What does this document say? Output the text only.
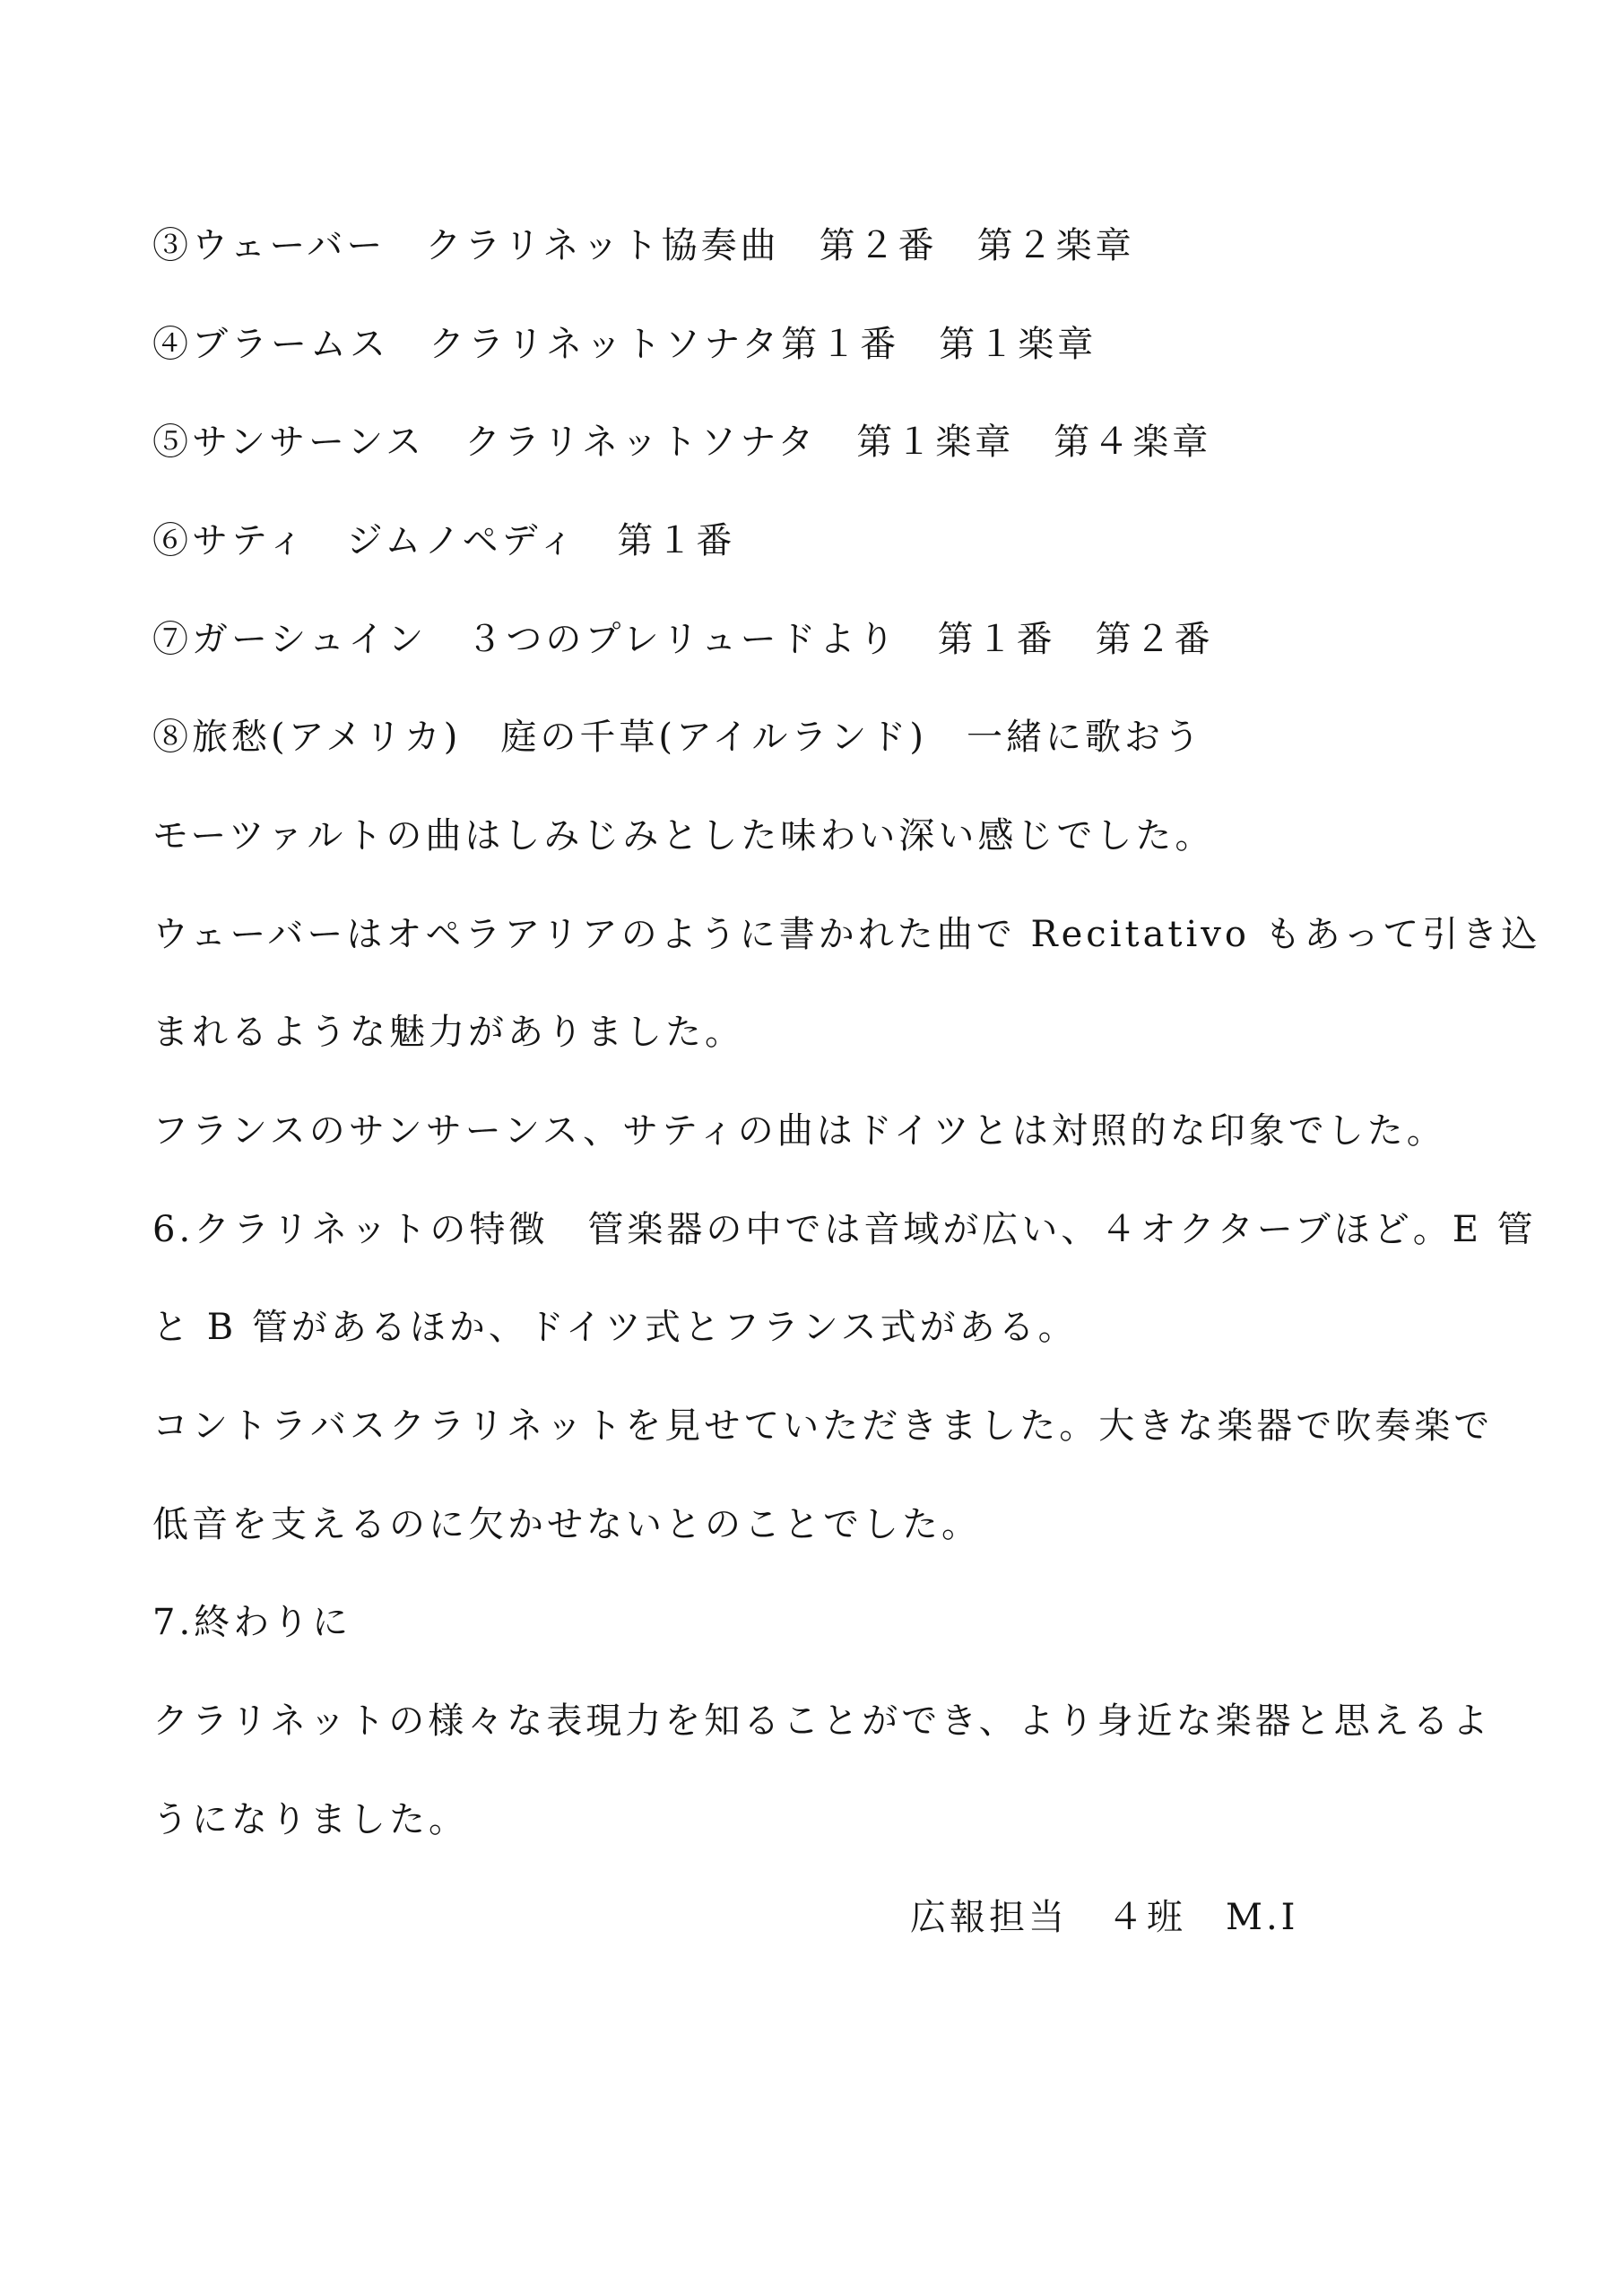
③ウェーバー　クラリネット協奏曲　第２番　第２楽章
④ブラームス　クラリネットソナタ第１番　第１楽章
⑤サンサーンス　クラリネットソナタ　第１楽章　第４楽章
⑥サティ　ジムノペディ　第１番
⑦ガーシュイン　３つのプレリュードより　第１番　第２番
⑧旅愁(アメリカ)　庭の千草(アイルランド)　一緒に歌おう
モーツァルトの曲はしみじみとした味わい深い感じでした。
ウェーバーはオペラアリアのように書かれた曲で Recitativo もあって引き込
まれるような魅力がありました。
フランスのサンサーンス、サティの曲はドイツとは対照的な印象でした。
6.クラリネットの特徴　管楽器の中では音域が広い、４オクターブほど。E 管
と B 管があるほか、ドイツ式とフランス式がある。
コントラバスクラリネットを見せていただきました。大きな楽器で吹奏楽で
低音を支えるのに欠かせないとのことでした。
7.終わりに
クラリネットの様々な表現力を知ることができ、より身近な楽器と思えるよ
うになりました。
広報担当　４班　M.I
